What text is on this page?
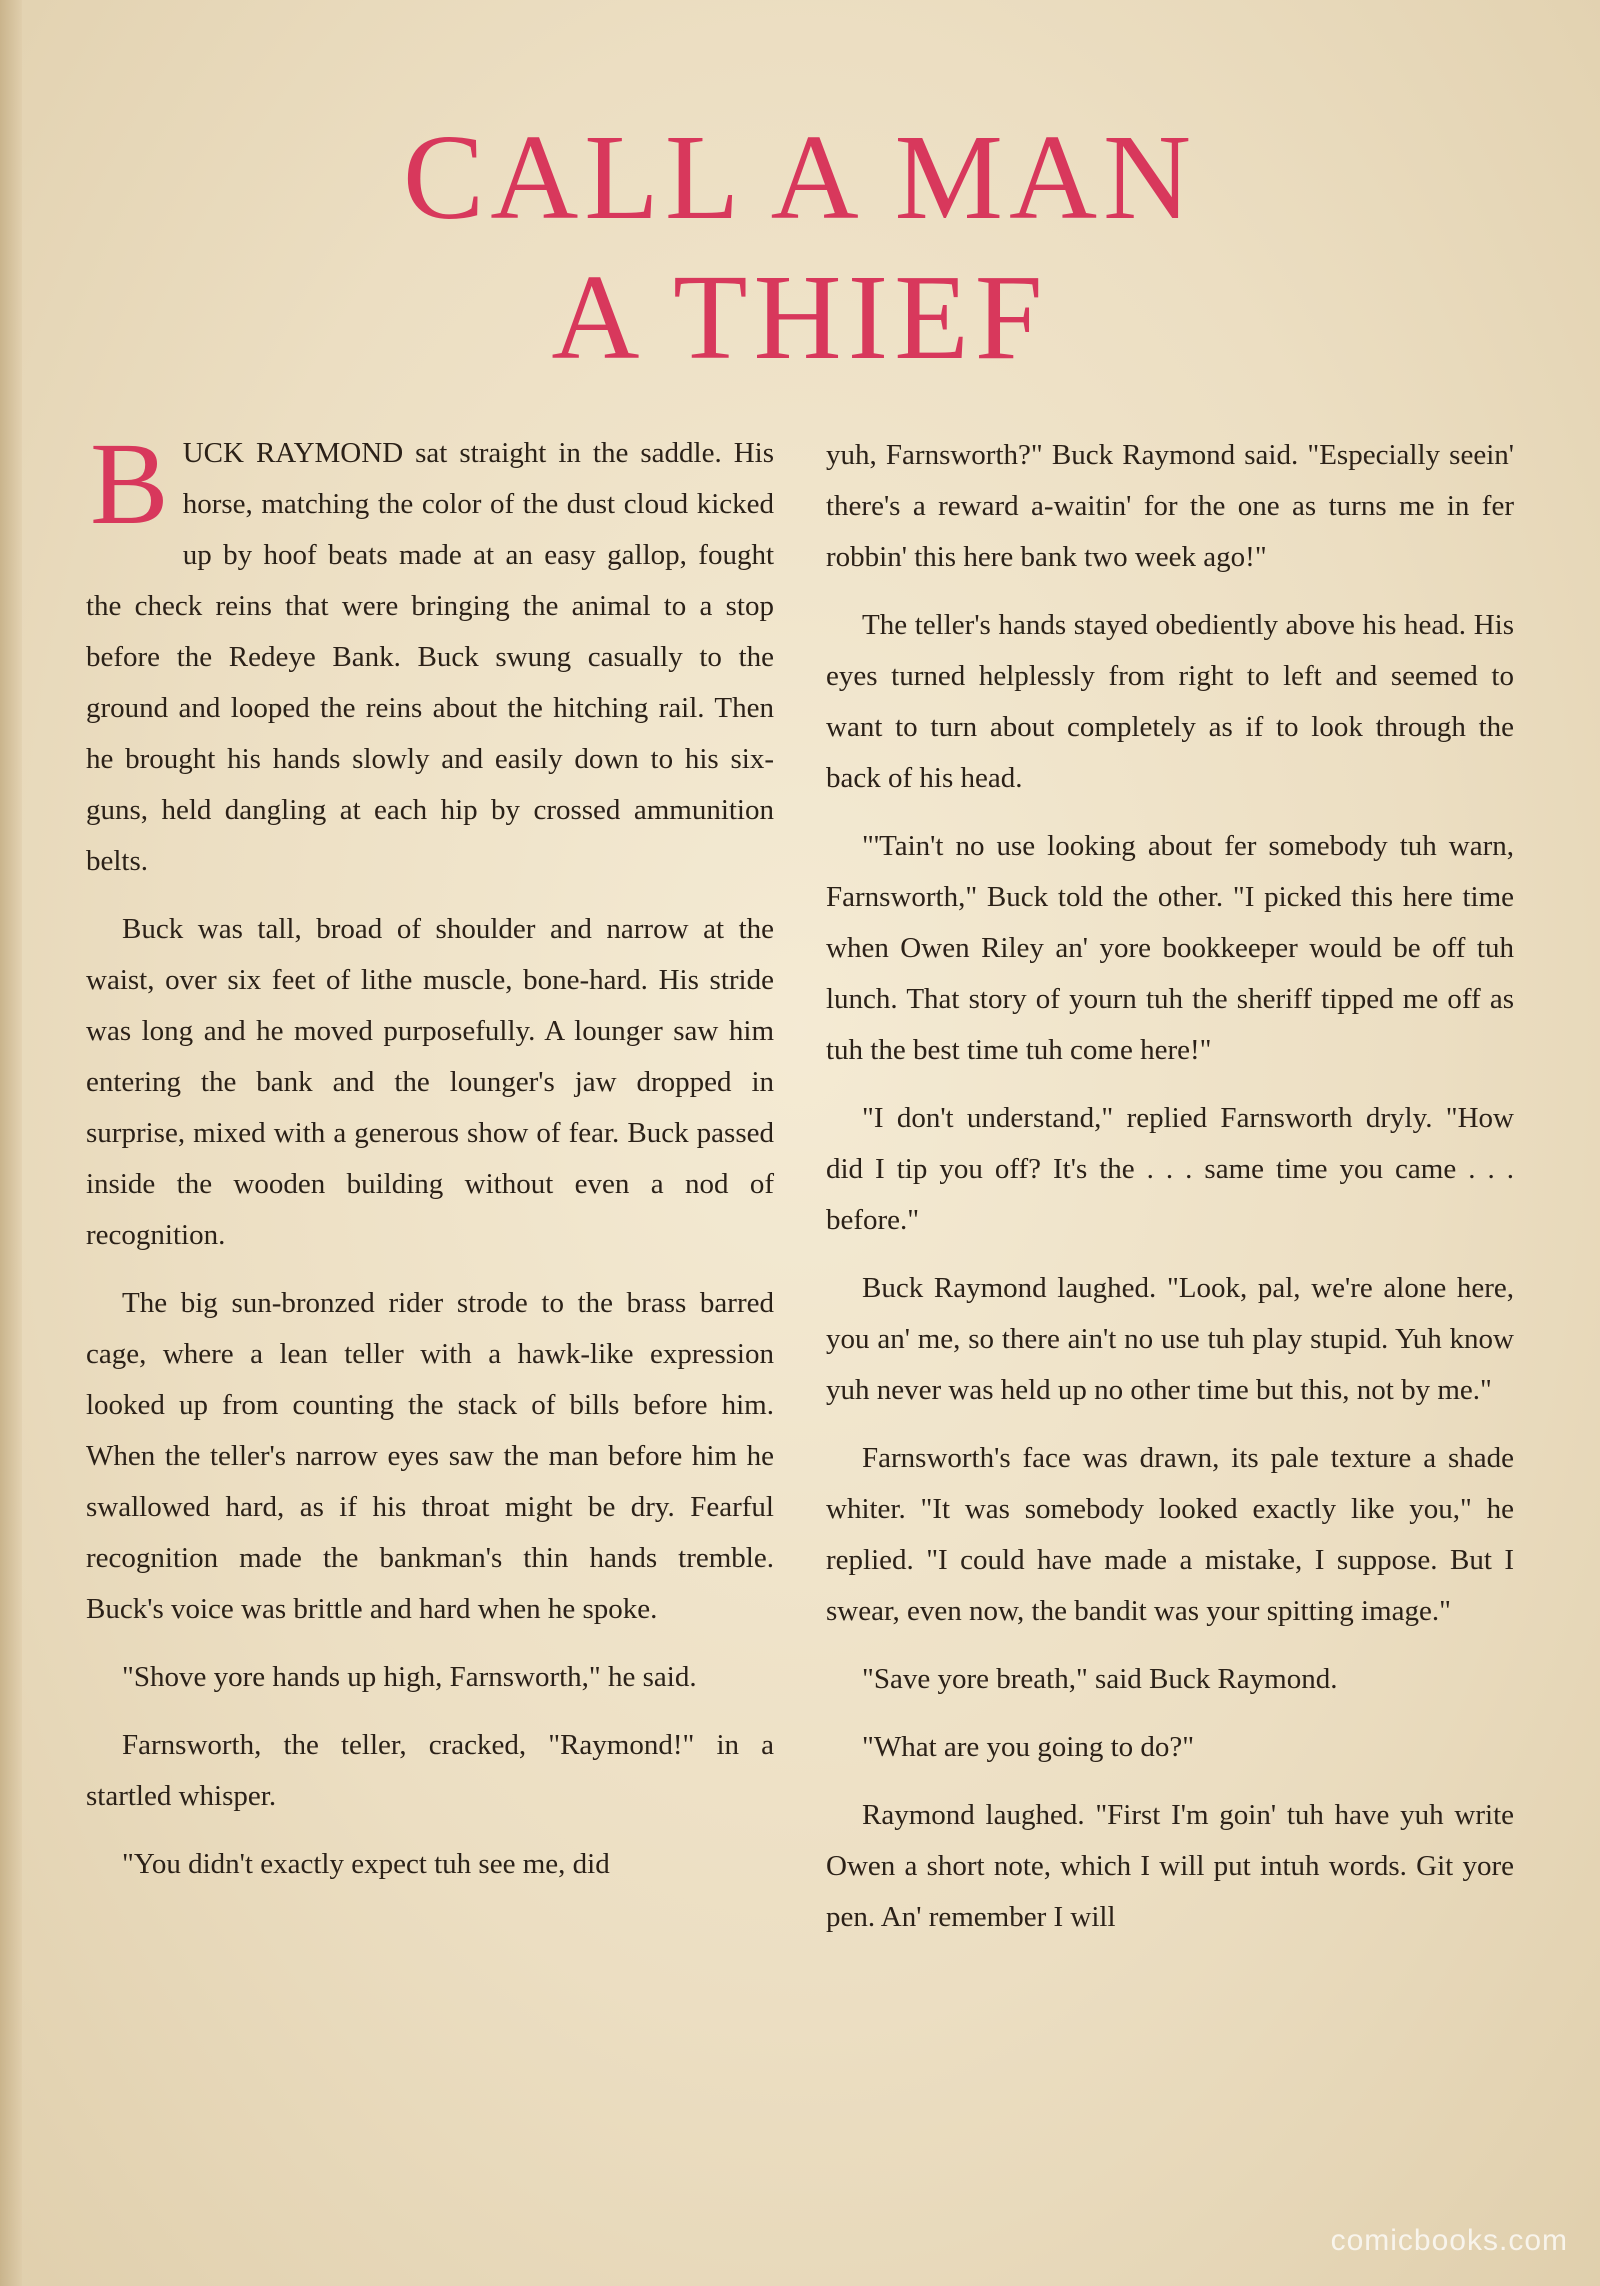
CALL A MAN
A THIEF

BUCK RAYMOND sat straight in the saddle. His horse, matching the color of the dust cloud kicked up by hoof beats made at an easy gallop, fought the check reins that were bringing the animal to a stop before the Redeye Bank. Buck swung casually to the ground and looped the reins about the hitching rail. Then he brought his hands slowly and easily down to his six-guns, held dangling at each hip by crossed ammunition belts.

Buck was tall, broad of shoulder and narrow at the waist, over six feet of lithe muscle, bone-hard. His stride was long and he moved purposefully. A lounger saw him entering the bank and the lounger's jaw dropped in surprise, mixed with a generous show of fear. Buck passed inside the wooden building without even a nod of recognition.

The big sun-bronzed rider strode to the brass barred cage, where a lean teller with a hawk-like expression looked up from counting the stack of bills before him. When the teller's narrow eyes saw the man before him he swallowed hard, as if his throat might be dry. Fearful recognition made the bankman's thin hands tremble. Buck's voice was brittle and hard when he spoke.

"Shove yore hands up high, Farnsworth," he said.

Farnsworth, the teller, cracked, "Raymond!" in a startled whisper.

"You didn't exactly expect tuh see me, did

yuh, Farnsworth?" Buck Raymond said. "Especially seein' there's a reward a-waitin' for the one as turns me in fer robbin' this here bank two week ago!"

The teller's hands stayed obediently above his head. His eyes turned helplessly from right to left and seemed to want to turn about completely as if to look through the back of his head.

"'Tain't no use looking about fer somebody tuh warn, Farnsworth," Buck told the other. "I picked this here time when Owen Riley an' yore bookkeeper would be off tuh lunch. That story of yourn tuh the sheriff tipped me off as tuh the best time tuh come here!"

"I don't understand," replied Farnsworth dryly. "How did I tip you off? It's the . . . same time you came . . . before."

Buck Raymond laughed. "Look, pal, we're alone here, you an' me, so there ain't no use tuh play stupid. Yuh know yuh never was held up no other time but this, not by me."

Farnsworth's face was drawn, its pale texture a shade whiter. "It was somebody looked exactly like you," he replied. "I could have made a mistake, I suppose. But I swear, even now, the bandit was your spitting image."

"Save yore breath," said Buck Raymond.

"What are you going to do?"

Raymond laughed. "First I'm goin' tuh have yuh write Owen a short note, which I will put intuh words. Git yore pen. An' remember I will

comicbooks.com
